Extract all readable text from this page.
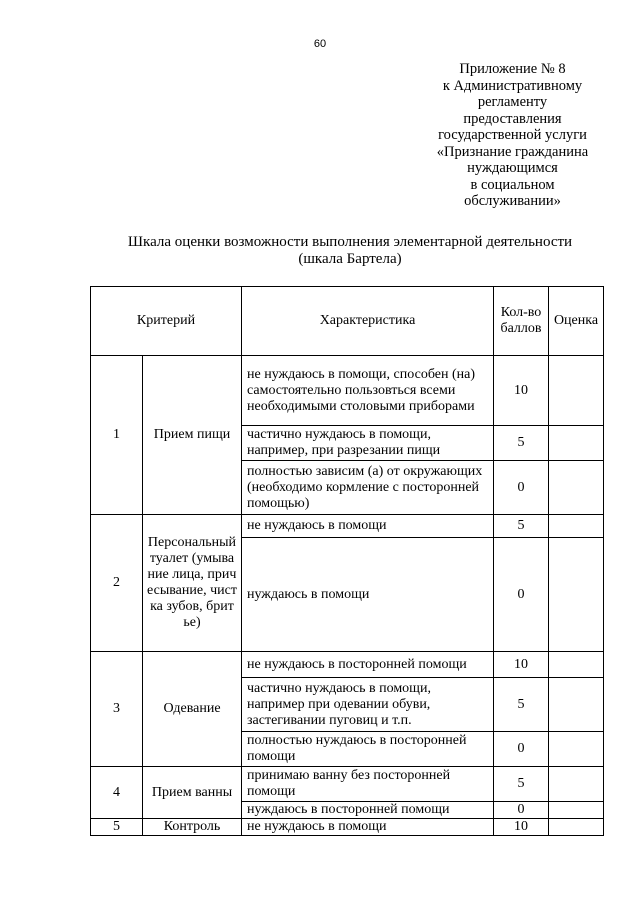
60
Приложение № 8
к Административному
регламенту
предоставления
государственной услуги
«Признание гражданина
нуждающимся
в социальном
обслуживании»
Шкала оценки возможности выполнения элементарной деятельности
(шкала Бартела)
Критерий		Характеристика	Кол-во баллов	Оценка
1	Прием пищи	не нуждаюсь в помощи, способен (на) самостоятельно пользовться всеми необходимыми столовыми приборами	10	
		частично нуждаюсь в помощи, например, при разрезании пищи	5	
		полностью зависим (а) от окружающих (необходимо кормление с посторонней помощью)	0	
2	Персональный туалет (умывание лица, причесывание, чистка зубов, бритье)	не нуждаюсь в помощи	5	
		нуждаюсь в помощи	0	
3	Одевание	не нуждаюсь в посторонней помощи	10	
		частично нуждаюсь в помощи, например при одевании обуви, застегивании пуговиц и т.п.	5	
		полностью нуждаюсь в посторонней помощи	0	
4	Прием ванны	принимаю ванну без посторонней помощи	5	
		нуждаюсь в посторонней помощи	0	
5	Контроль	не нуждаюсь в помощи	10	
